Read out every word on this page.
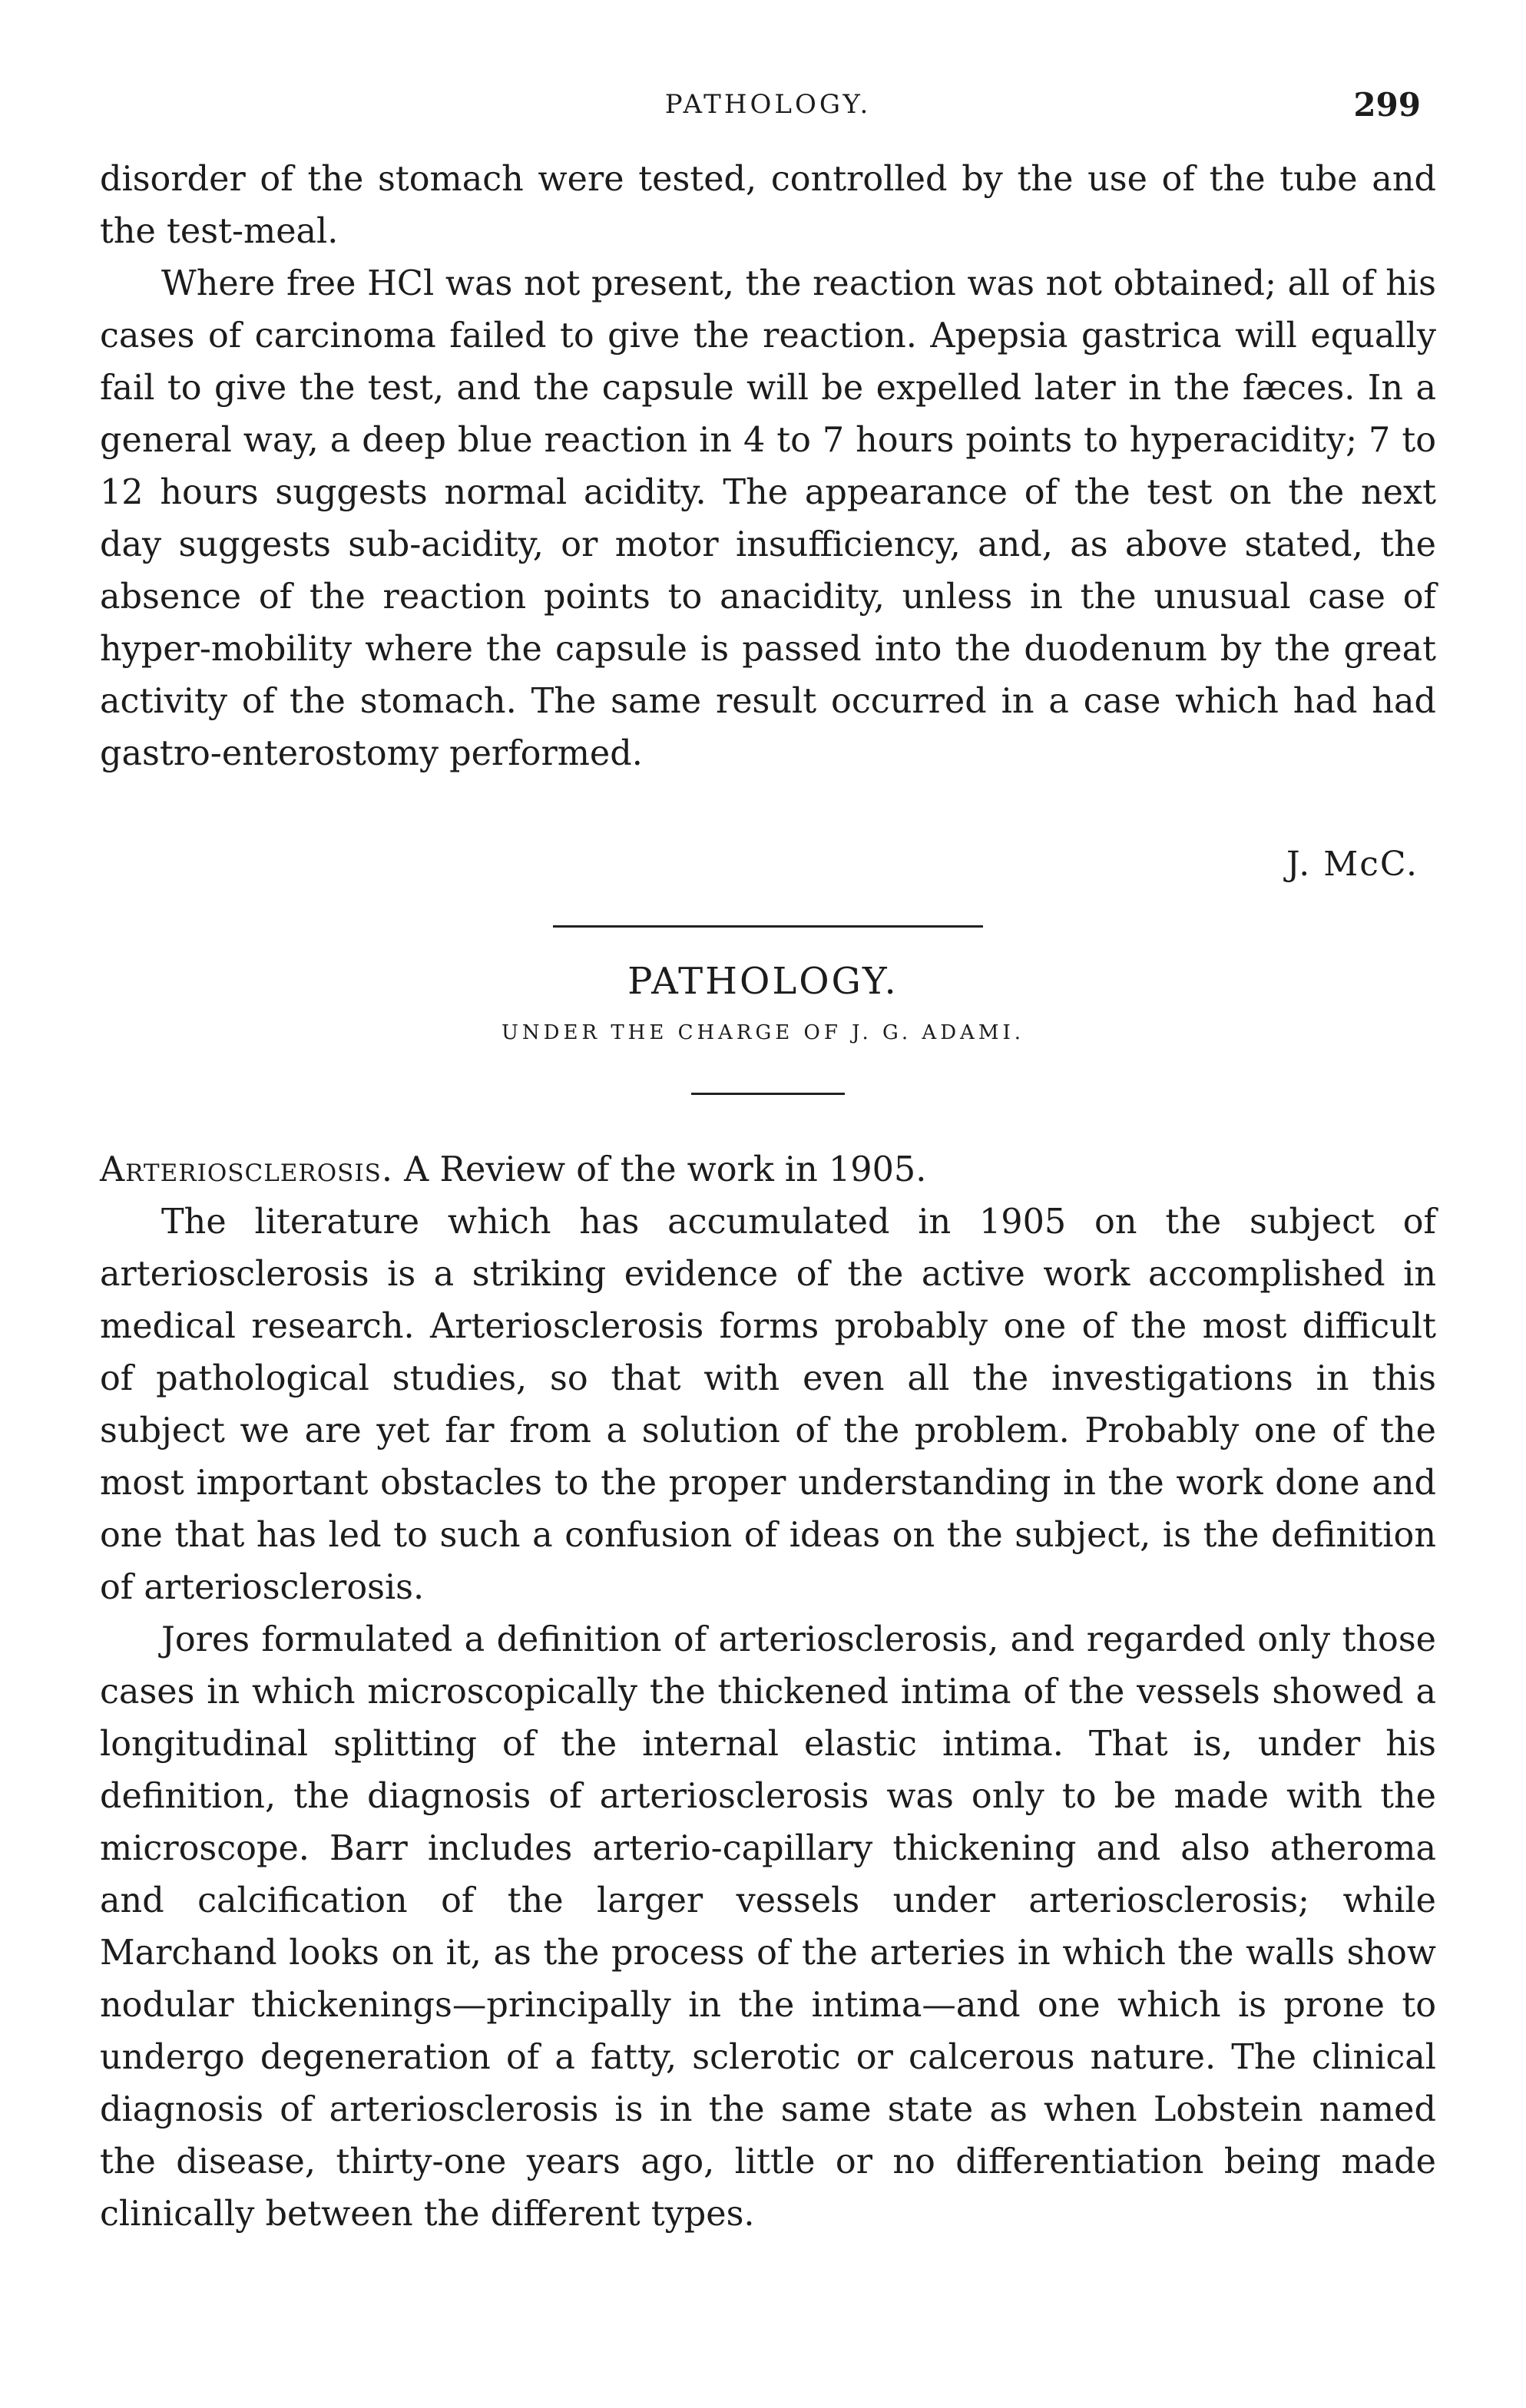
PATHOLOGY.	299

disorder of the stomach were tested, controlled by the use of the tube and the test-meal.

Where free HCl was not present, the reaction was not obtained; all of his cases of carcinoma failed to give the reaction. Apepsia gastrica will equally fail to give the test, and the capsule will be expelled later in the fæces. In a general way, a deep blue reaction in 4 to 7 hours points to hyperacidity; 7 to 12 hours suggests normal acidity. The appearance of the test on the next day suggests sub-acidity, or motor insufficiency, and, as above stated, the absence of the reaction points to anacidity, unless in the unusual case of hyper-mobility where the capsule is passed into the duodenum by the great activity of the stomach. The same result occurred in a case which had had gastro-enterostomy performed.

J. McC.
PATHOLOGY.
UNDER THE CHARGE OF J. G. ADAMI.

Arteriosclerosis. A Review of the work in 1905.

The literature which has accumulated in 1905 on the subject of arteriosclerosis is a striking evidence of the active work accomplished in medical research. Arteriosclerosis forms probably one of the most difficult of pathological studies, so that with even all the investigations in this subject we are yet far from a solution of the problem. Probably one of the most important obstacles to the proper understanding in the work done and one that has led to such a confusion of ideas on the subject, is the definition of arteriosclerosis.

Jores formulated a definition of arteriosclerosis, and regarded only those cases in which microscopically the thickened intima of the vessels showed a longitudinal splitting of the internal elastic intima. That is, under his definition, the diagnosis of arteriosclerosis was only to be made with the microscope. Barr includes arterio-capillary thickening and also atheroma and calcification of the larger vessels under arteriosclerosis; while Marchand looks on it, as the process of the arteries in which the walls show nodular thickenings—principally in the intima—and one which is prone to undergo degeneration of a fatty, sclerotic or calcerous nature. The clinical diagnosis of arteriosclerosis is in the same state as when Lobstein named the disease, thirty-one years ago, little or no differentiation being made clinically between the different types.
